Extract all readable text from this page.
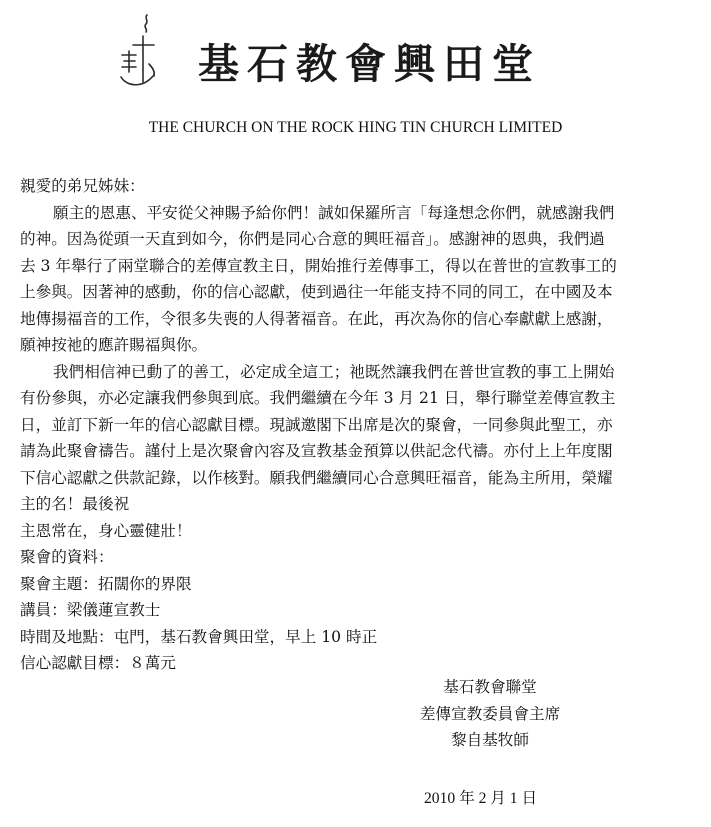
基石教會興田堂
THE CHURCH ON THE ROCK HING TIN CHURCH LIMITED

親愛的弟兄姊妹：

願主的恩惠、平安從父神賜予給你們！誠如保羅所言「每逢想念你們，就感謝我們

的神。因為從頭一天直到如今，你們是同心合意的興旺福音」。感謝神的恩典，我們過

去 3 年舉行了兩堂聯合的差傳宣教主日，開始推行差傳事工，得以在普世的宣教事工的

上參與。因著神的感動，你的信心認獻，使到過往一年能支持不同的同工，在中國及本

地傳揚福音的工作，令很多失喪的人得著福音。在此，再次為你的信心奉獻獻上感謝，

願神按祂的應許賜福與你。

我們相信神已動了的善工，必定成全這工；祂既然讓我們在普世宣教的事工上開始

有份參與，亦必定讓我們參與到底。我們繼續在今年 3 月 21 日，舉行聯堂差傳宣教主

日，並訂下新一年的信心認獻目標。現誠邀閣下出席是次的聚會，一同參與此聖工，亦

請為此聚會禱告。謹付上是次聚會內容及宣教基金預算以供記念代禱。亦付上上年度閣

下信心認獻之供款記錄，以作核對。願我們繼續同心合意興旺福音，能為主所用，榮耀

主的名！最後祝

主恩常在，身心靈健壯！

聚會的資料：

聚會主題：拓闊你的界限

講員：梁儀蓮宣教士

時間及地點：屯門，基石教會興田堂，早上 10 時正

信心認獻目標：８萬元

基石教會聯堂
差傳宣教委員會主席
黎自基牧師
2010 年 2 月 1 日
